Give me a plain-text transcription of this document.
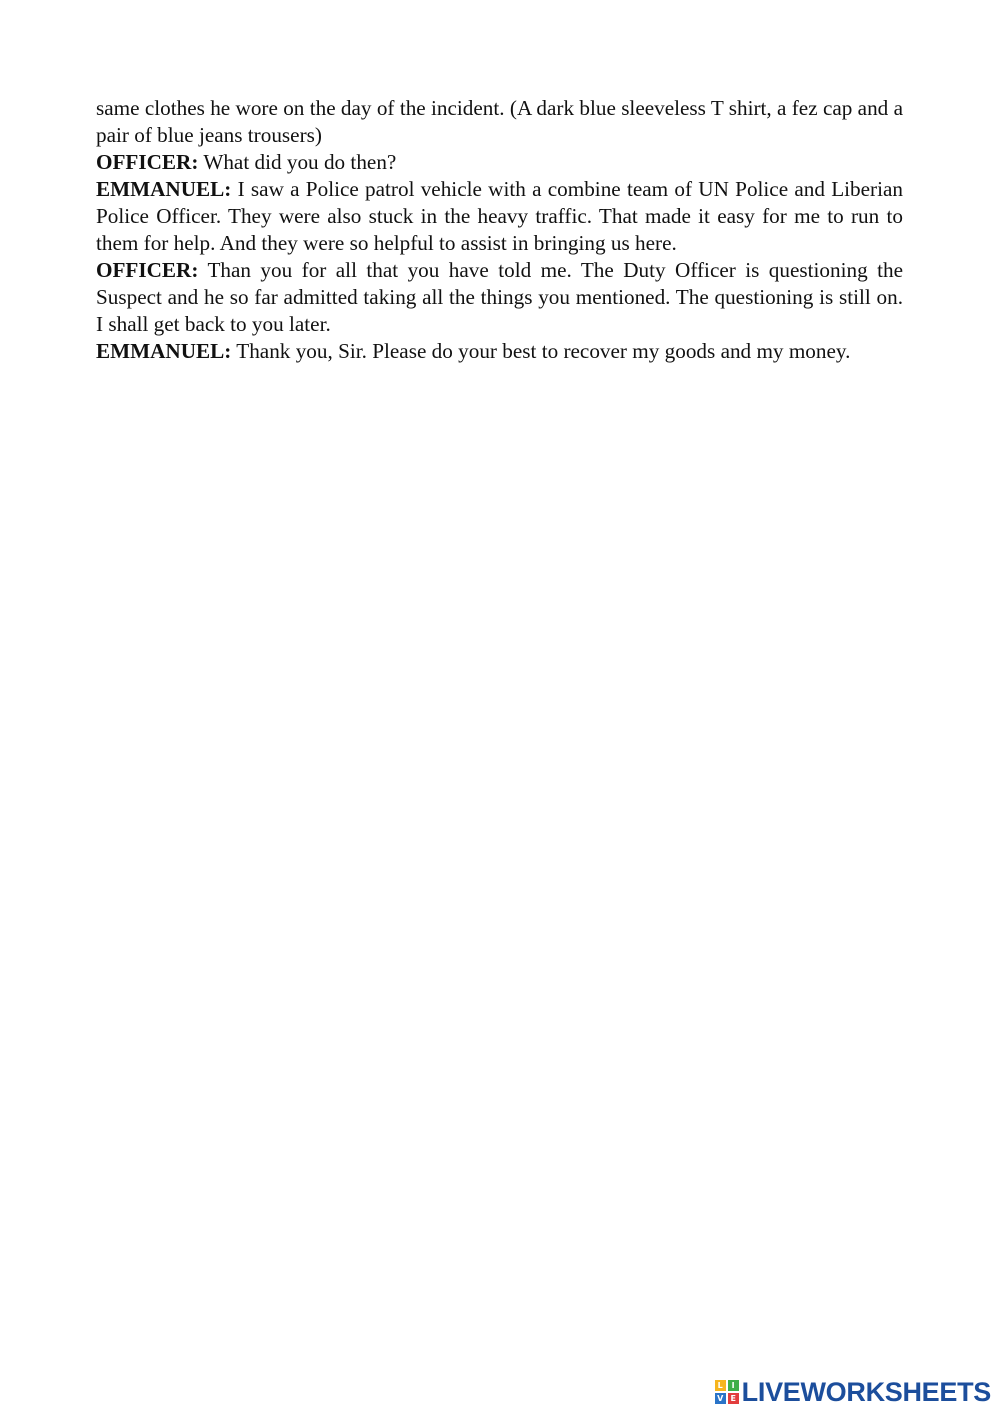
same clothes he wore on the day of the incident. (A dark blue sleeveless T shirt, a fez cap and a pair of blue jeans trousers)

OFFICER: What did you do then?

EMMANUEL: I saw a Police patrol vehicle with a combine team of UN Police and Liberian Police Officer. They were also stuck in the heavy traffic. That made it easy for me to run to them for help. And they were so helpful to assist in bringing us here.

OFFICER: Than you for all that you have told me. The Duty Officer is questioning the Suspect and he so far admitted taking all the things you mentioned. The questioning is still on. I shall get back to you later.

EMMANUEL: Thank you, Sir. Please do your best to recover my goods and my money.

L	I
V E LIVEWORKSHEETS
